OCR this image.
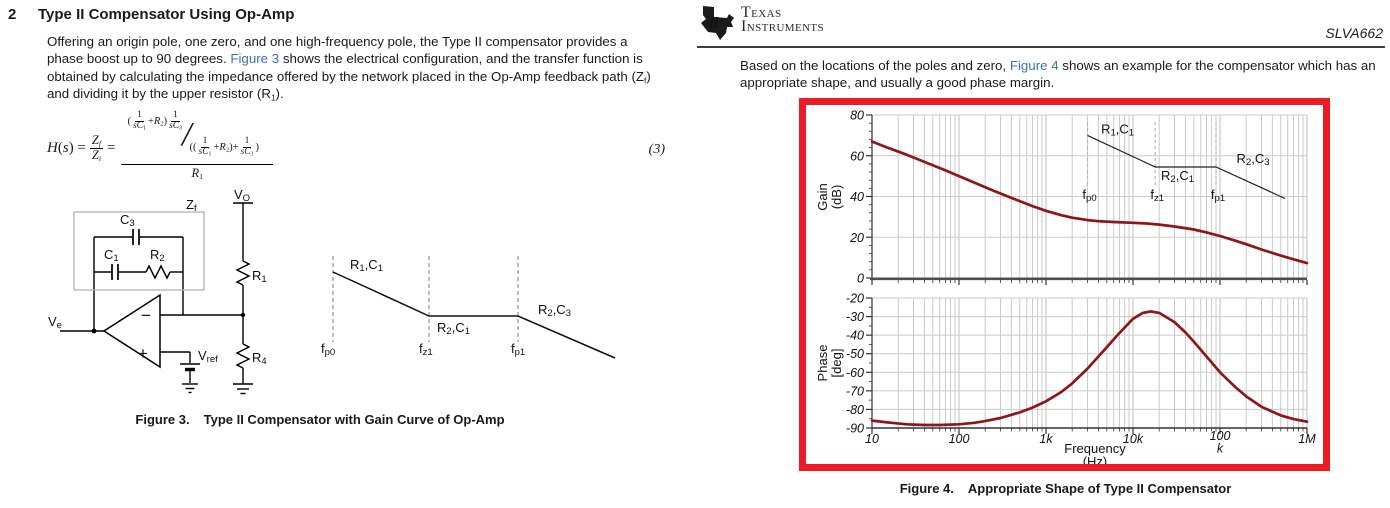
2 Type II Compensator Using Op-Amp
Offering an origin pole, one zero, and one high-frequency pole, the Type II compensator provides a phase boost up to 90 degrees. Figure 3 shows the electrical configuration, and the transfer function is obtained by calculating the impedance offered by the network placed in the Op-Amp feedback path $(Z_f)$ and dividing it by the upper resistor $(R_1)$.
$H(s) = \frac{Z_f}{Z_i}$ =
( $\frac{1}{sC_1} +R_2) \frac{1}{sC_3}$ /
(( $\frac{1}{sC_1} +R_2)+ \frac{1}{sC_3}$ )
$R_1$
(3)
Zf
VO
Ve
Vref
C3
C1 R2
R1
R4
−
+
R1,C1
R2,C1
R2,C3
fp0	fz1	fp1
Figure 3. Type II Compensator with Gain Curve of Op-Amp
ti
Texas
Instruments	SLVA662
Based on the locations of the poles and zero, Figure 4 shows an example for the compensator which has an appropriate shape, and usually a good phase margin.
80
60
40
20
0
-20
-30
-40
-50
-60
-70
-80
-90
10	100	1k	10k	100
k
1M
fp0	fz1	fp1
R1,C1
R2,C1
R2,C3
Gain (dB)
Phase [deg]
Frequency
(Hz)
Figure 4. Appropriate Shape of Type II Compensator
